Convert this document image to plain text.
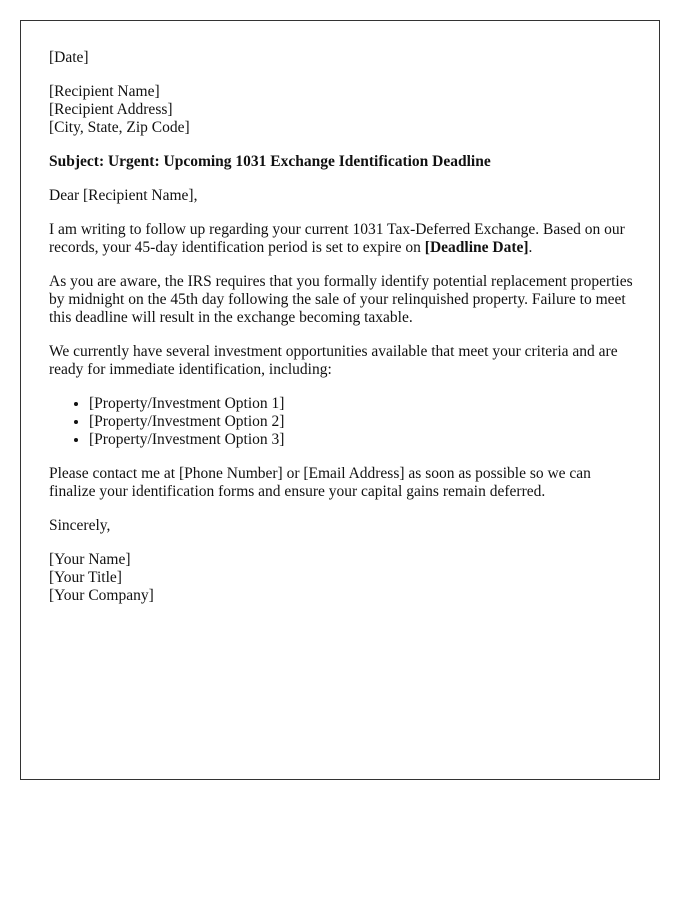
[Date]

[Recipient Name]
[Recipient Address]
[City, State, Zip Code]

Subject: Urgent: Upcoming 1031 Exchange Identification Deadline

Dear [Recipient Name],

I am writing to follow up regarding your current 1031 Tax-Deferred Exchange. Based on our records, your 45-day identification period is set to expire on [Deadline Date].

As you are aware, the IRS requires that you formally identify potential replacement properties by midnight on the 45th day following the sale of your relinquished property. Failure to meet this deadline will result in the exchange becoming taxable.

We currently have several investment opportunities available that meet your criteria and are ready for immediate identification, including:

• [Property/Investment Option 1]
• [Property/Investment Option 2]
• [Property/Investment Option 3]

Please contact me at [Phone Number] or [Email Address] as soon as possible so we can finalize your identification forms and ensure your capital gains remain deferred.

Sincerely,

[Your Name]
[Your Title]
[Your Company]
